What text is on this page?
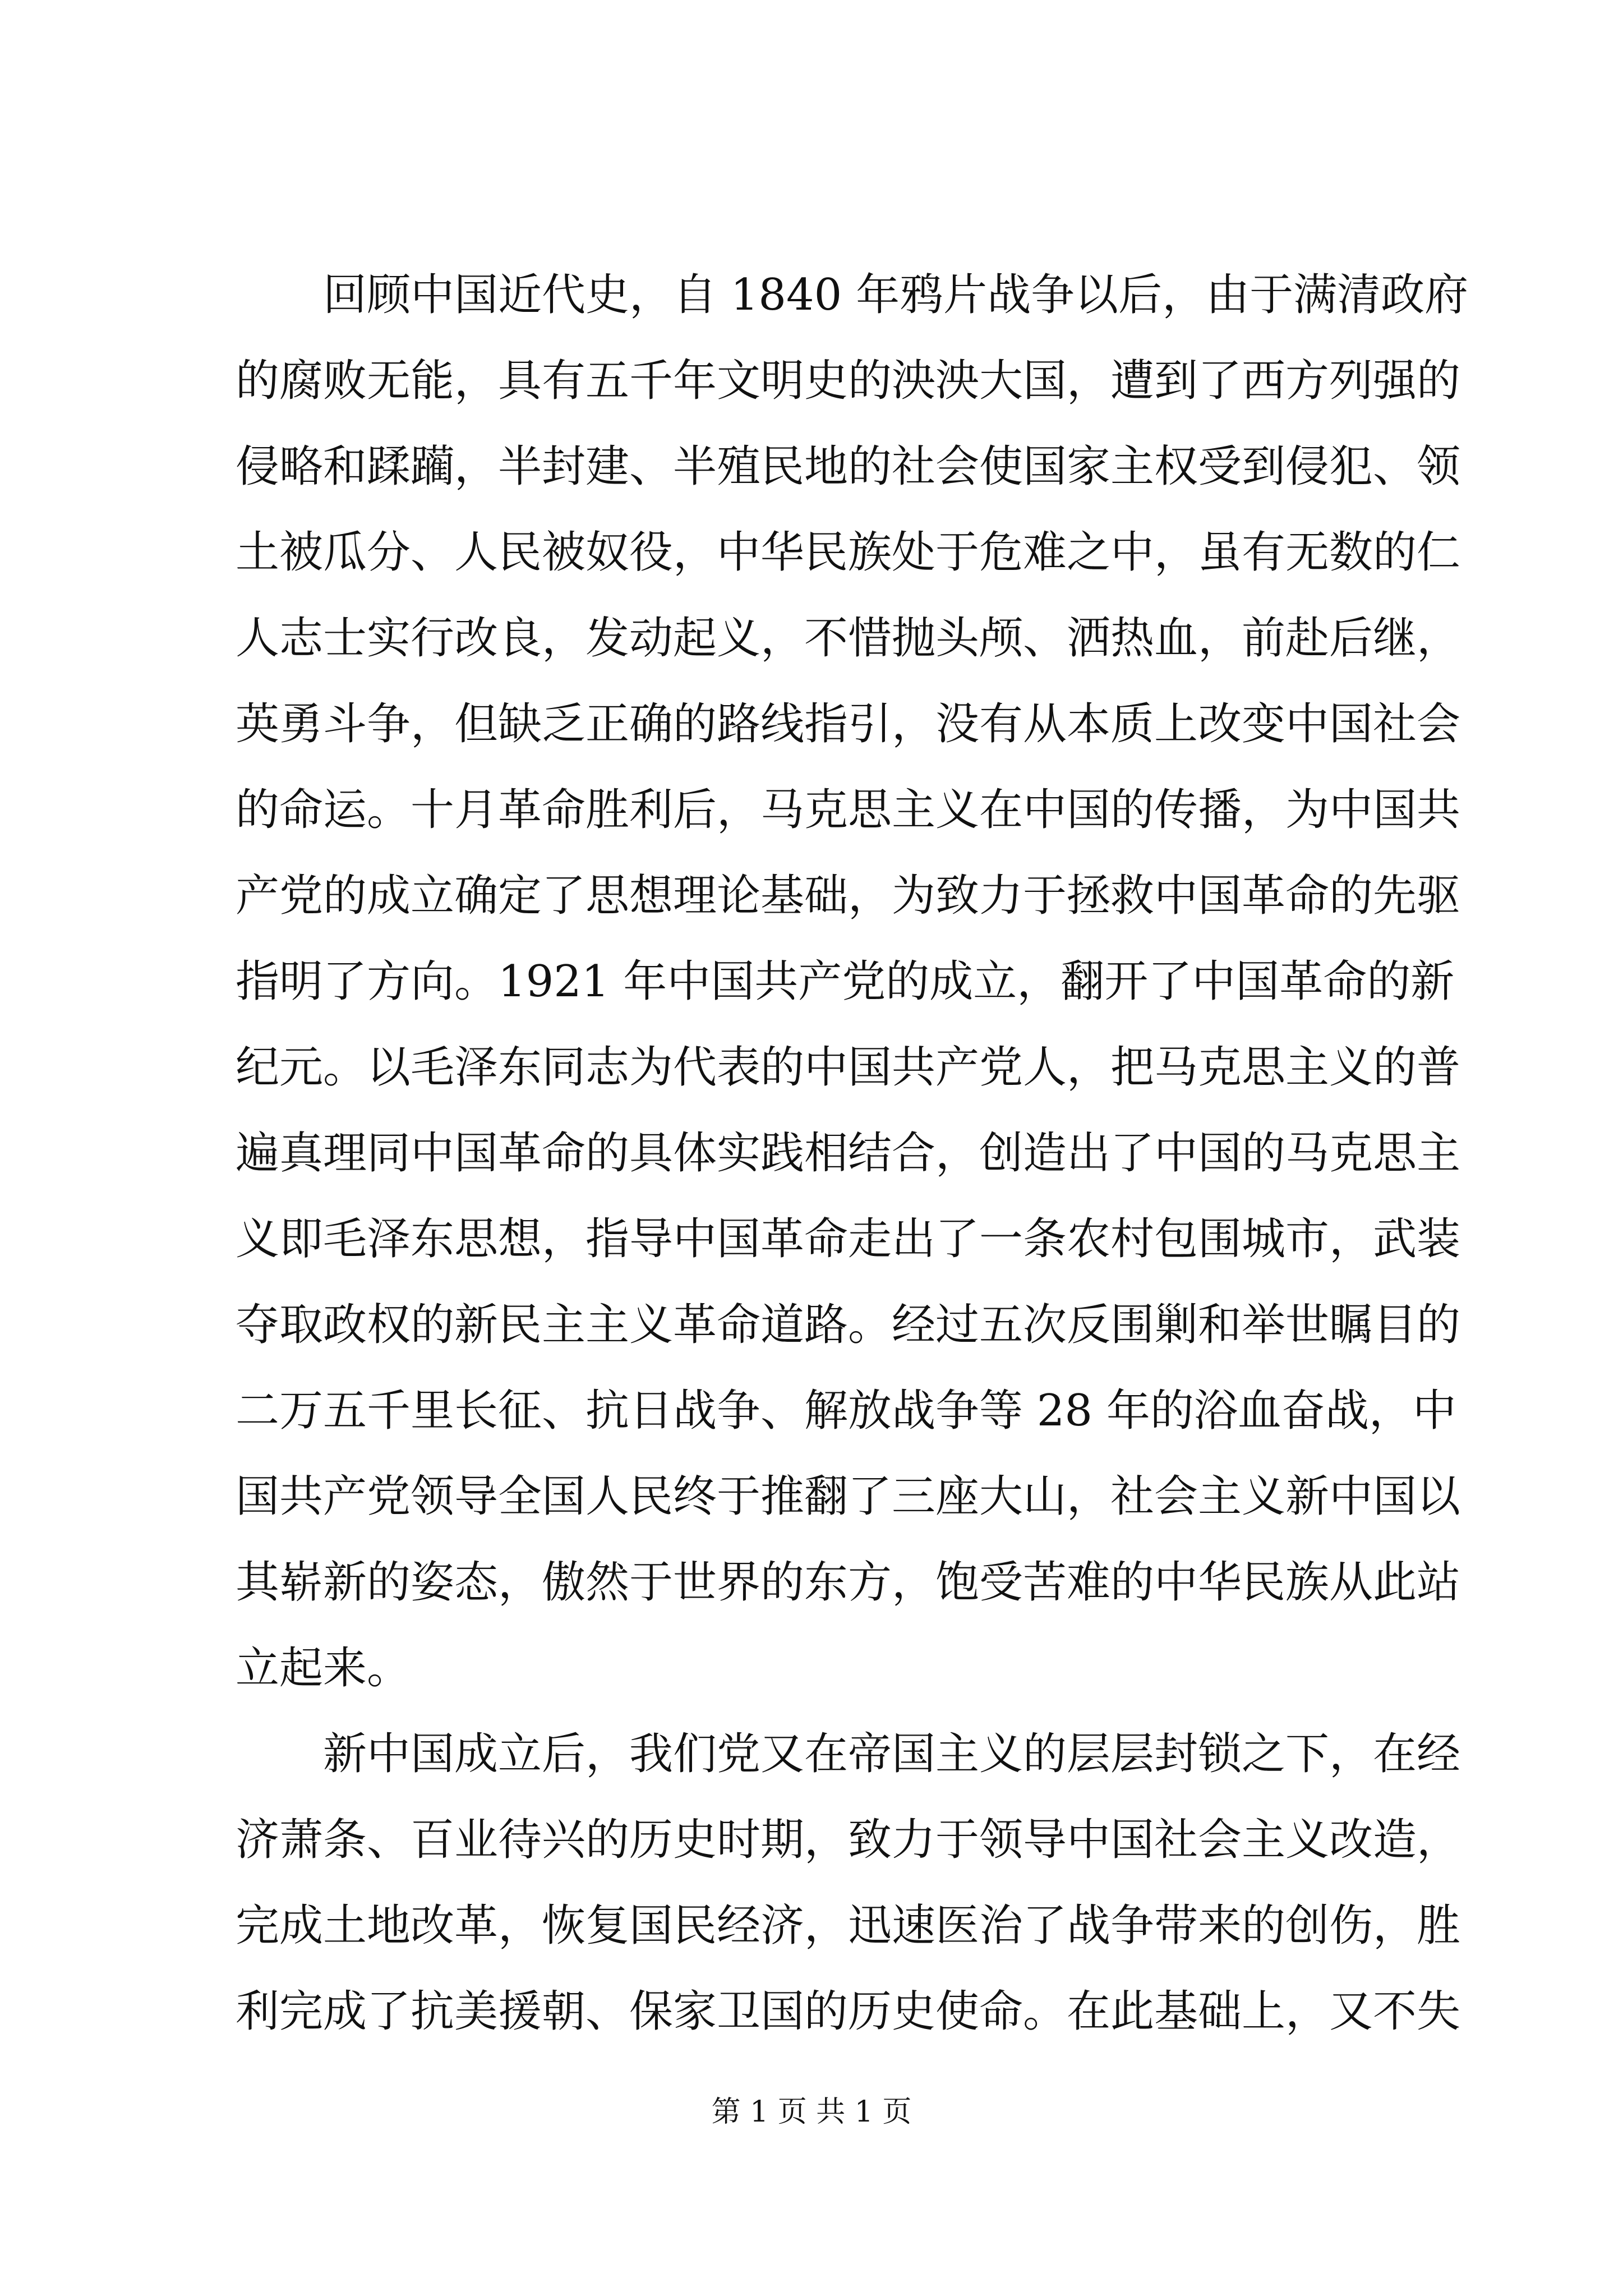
回顾中国近代史，自 1840 年鸦片战争以后，由于满清政府
的腐败无能，具有五千年文明史的泱泱大国，遭到了西方列强的
侵略和蹂躏，半封建、半殖民地的社会使国家主权受到侵犯、领
土被瓜分、人民被奴役，中华民族处于危难之中，虽有无数的仁
人志士实行改良，发动起义，不惜抛头颅、洒热血，前赴后继，
英勇斗争，但缺乏正确的路线指引，没有从本质上改变中国社会
的命运。十月革命胜利后，马克思主义在中国的传播，为中国共
产党的成立确定了思想理论基础，为致力于拯救中国革命的先驱
指明了方向。1921 年中国共产党的成立，翻开了中国革命的新
纪元。以毛泽东同志为代表的中国共产党人，把马克思主义的普
遍真理同中国革命的具体实践相结合，创造出了中国的马克思主
义即毛泽东思想，指导中国革命走出了一条农村包围城市，武装
夺取政权的新民主主义革命道路。经过五次反围剿和举世瞩目的
二万五千里长征、抗日战争、解放战争等 28 年的浴血奋战，中
国共产党领导全国人民终于推翻了三座大山，社会主义新中国以
其崭新的姿态，傲然于世界的东方，饱受苦难的中华民族从此站
立起来。
新中国成立后，我们党又在帝国主义的层层封锁之下，在经
济萧条、百业待兴的历史时期，致力于领导中国社会主义改造，
完成土地改革，恢复国民经济，迅速医治了战争带来的创伤，胜
利完成了抗美援朝、保家卫国的历史使命。在此基础上，又不失
第 1 页 共 1 页
